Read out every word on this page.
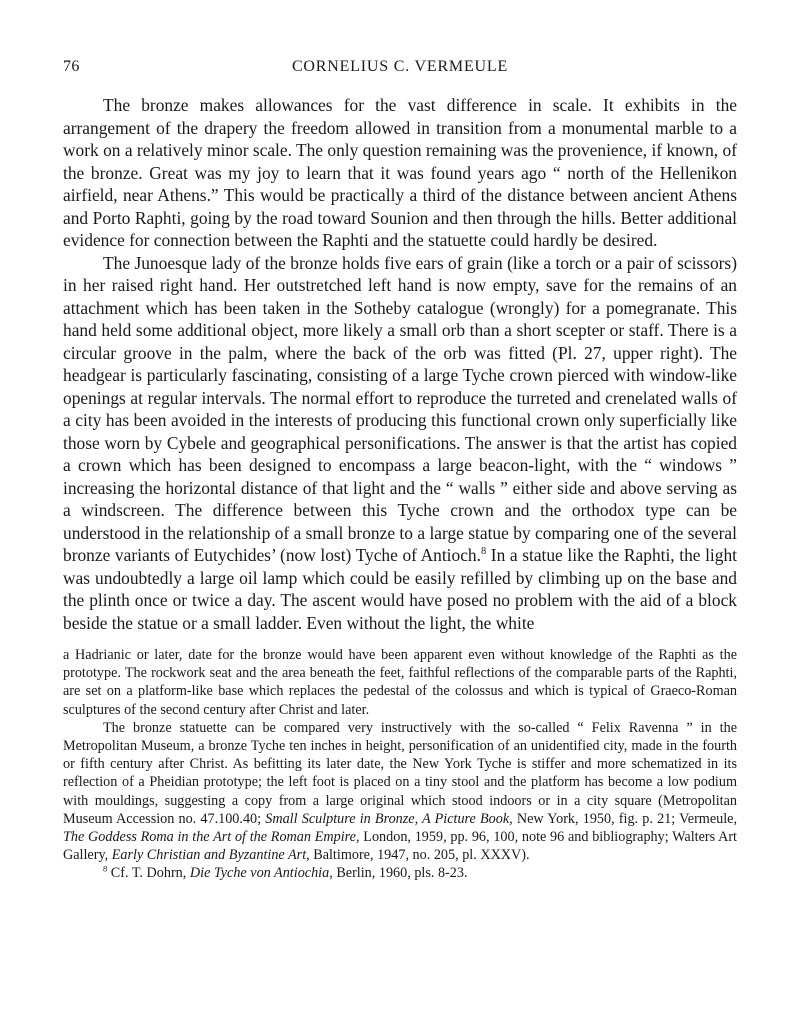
76	CORNELIUS C. VERMEULE

The bronze makes allowances for the vast difference in scale. It exhibits in the arrangement of the drapery the freedom allowed in transition from a monumental marble to a work on a relatively minor scale. The only question remaining was the provenience, if known, of the bronze. Great was my joy to learn that it was found years ago “ north of the Hellenikon airfield, near Athens.” This would be practically a third of the distance between ancient Athens and Porto Raphti, going by the road toward Sounion and then through the hills. Better additional evidence for connection between the Raphti and the statuette could hardly be desired.

The Junoesque lady of the bronze holds five ears of grain (like a torch or a pair of scissors) in her raised right hand. Her outstretched left hand is now empty, save for the remains of an attachment which has been taken in the Sotheby catalogue (wrongly) for a pomegranate. This hand held some additional object, more likely a small orb than a short scepter or staff. There is a circular groove in the palm, where the back of the orb was fitted (Pl. 27, upper right). The headgear is particularly fascinating, consisting of a large Tyche crown pierced with window-like openings at regular intervals. The normal effort to reproduce the turreted and crenelated walls of a city has been avoided in the interests of producing this functional crown only superficially like those worn by Cybele and geographical personifications. The answer is that the artist has copied a crown which has been designed to encompass a large beacon-light, with the “ windows ” increasing the horizontal distance of that light and the “ walls ” either side and above serving as a windscreen. The difference between this Tyche crown and the orthodox type can be understood in the relationship of a small bronze to a large statue by comparing one of the several bronze variants of Eutychides’ (now lost) Tyche of Antioch.$^8$ In a statue like the Raphti, the light was undoubtedly a large oil lamp which could be easily refilled by climbing up on the base and the plinth once or twice a day. The ascent would have posed no problem with the aid of a block beside the statue or a small ladder. Even without the light, the white

a Hadrianic or later, date for the bronze would have been apparent even without knowledge of the Raphti as the prototype. The rockwork seat and the area beneath the feet, faithful reflections of the comparable parts of the Raphti, are set on a platform-like base which replaces the pedestal of the colossus and which is typical of Graeco-Roman sculptures of the second century after Christ and later.

The bronze statuette can be compared very instructively with the so-called “ Felix Ravenna ” in the Metropolitan Museum, a bronze Tyche ten inches in height, personification of an unidentified city, made in the fourth or fifth century after Christ. As befitting its later date, the New York Tyche is stiffer and more schematized in its reflection of a Pheidian prototype; the left foot is placed on a tiny stool and the platform has become a low podium with mouldings, suggesting a copy from a large original which stood indoors or in a city square (Metropolitan Museum Accession no. 47.100.40; Small Sculpture in Bronze, A Picture Book, New York, 1950, fig. p. 21; Vermeule, The Goddess Roma in the Art of the Roman Empire, London, 1959, pp. 96, 100, note 96 and bibliography; Walters Art Gallery, Early Christian and Byzantine Art, Baltimore, 1947, no. 205, pl. XXXV).

$^8$ Cf. T. Dohrn, Die Tyche von Antiochia, Berlin, 1960, pls. 8-23.
